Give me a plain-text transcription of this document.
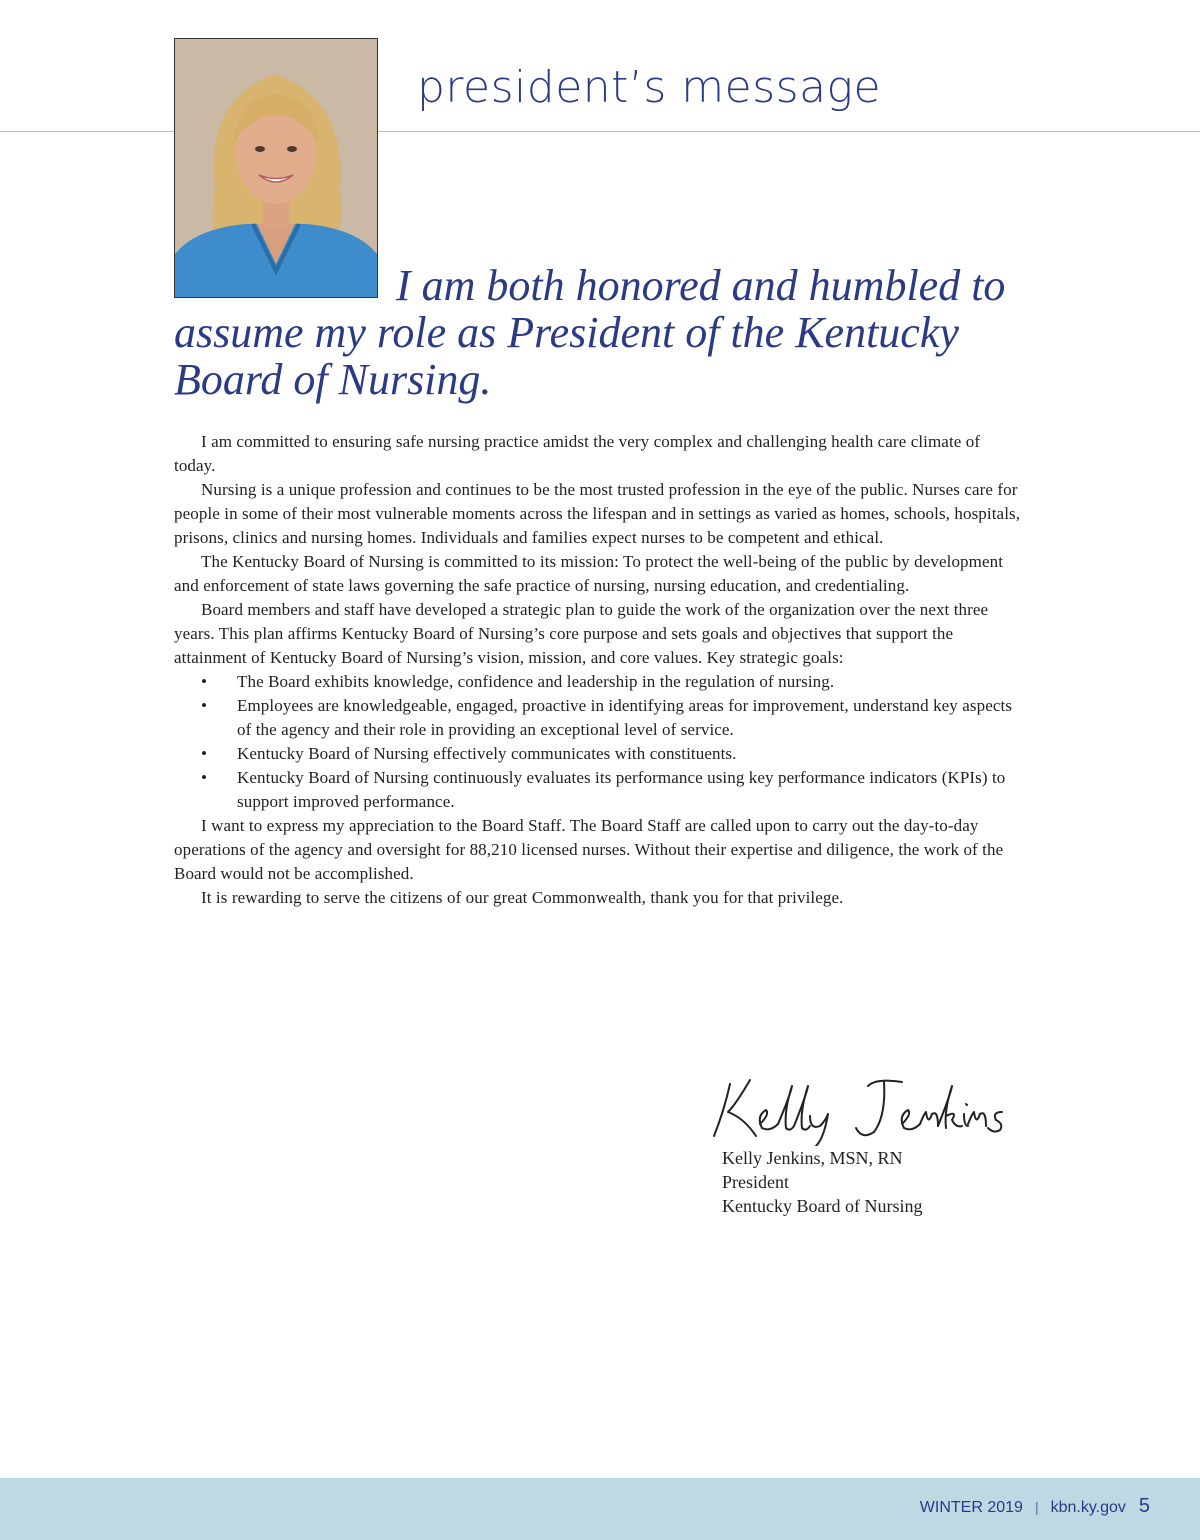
president’s message
I am both honored and humbled to assume my role as President of the Kentucky Board of Nursing.

I am committed to ensuring safe nursing practice amidst the very complex and challenging health care climate of today.

Nursing is a unique profession and continues to be the most trusted profession in the eye of the public. Nurses care for people in some of their most vulnerable moments across the lifespan and in settings as varied as homes, schools, hospitals, prisons, clinics and nursing homes. Individuals and families expect nurses to be competent and ethical.

The Kentucky Board of Nursing is committed to its mission: To protect the well-being of the public by development and enforcement of state laws governing the safe practice of nursing, nursing education, and credentialing.

Board members and staff have developed a strategic plan to guide the work of the organization over the next three years. This plan affirms Kentucky Board of Nursing’s core purpose and sets goals and objectives that support the attainment of Kentucky Board of Nursing’s vision, mission, and core values. Key strategic goals:

• The Board exhibits knowledge, confidence and leadership in the regulation of nursing.
• Employees are knowledgeable, engaged, proactive in identifying areas for improvement, understand key aspects of the agency and their role in providing an exceptional level of service.
• Kentucky Board of Nursing effectively communicates with constituents.
• Kentucky Board of Nursing continuously evaluates its performance using key performance indicators (KPIs) to support improved performance.

I want to express my appreciation to the Board Staff. The Board Staff are called upon to carry out the day-to-day operations of the agency and oversight for 88,210 licensed nurses. Without their expertise and diligence, the work of the Board would not be accomplished.

It is rewarding to serve the citizens of our great Commonwealth, thank you for that privilege.

Kelly Jenkins, MSN, RN
President
Kentucky Board of Nursing
WINTER 2019 | kbn.ky.gov 5
